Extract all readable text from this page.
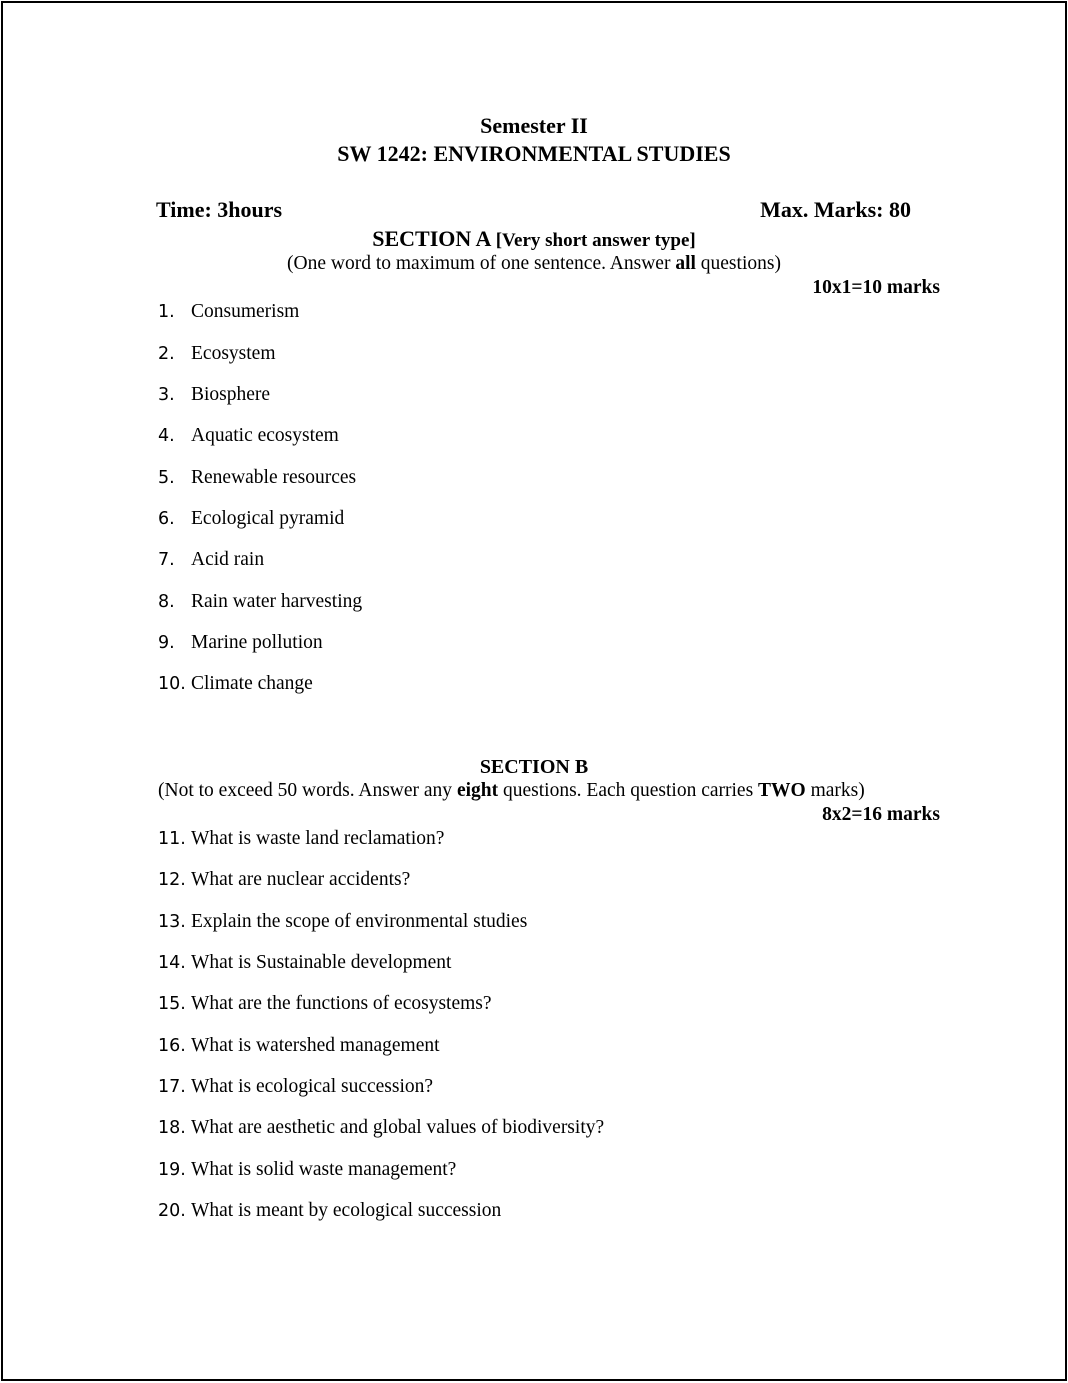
Semester II
SW 1242: ENVIRONMENTAL STUDIES
Time: 3hours	Max. Marks: 80
SECTION A [Very short answer type]
(One word to maximum of one sentence. Answer all questions)
10x1=10 marks
1. Consumerism
2. Ecosystem
3. Biosphere
4. Aquatic ecosystem
5. Renewable resources
6. Ecological pyramid
7. Acid rain
8. Rain water harvesting
9. Marine pollution
10. Climate change
SECTION B
(Not to exceed 50 words. Answer any eight questions. Each question carries TWO marks)
8x2=16 marks
11. What is waste land reclamation?
12. What are nuclear accidents?
13. Explain the scope of environmental studies
14. What is Sustainable development
15. What are the functions of ecosystems?
16. What is watershed management
17. What is ecological succession?
18. What are aesthetic and global values of biodiversity?
19. What is solid waste management?
20. What is meant by ecological succession
